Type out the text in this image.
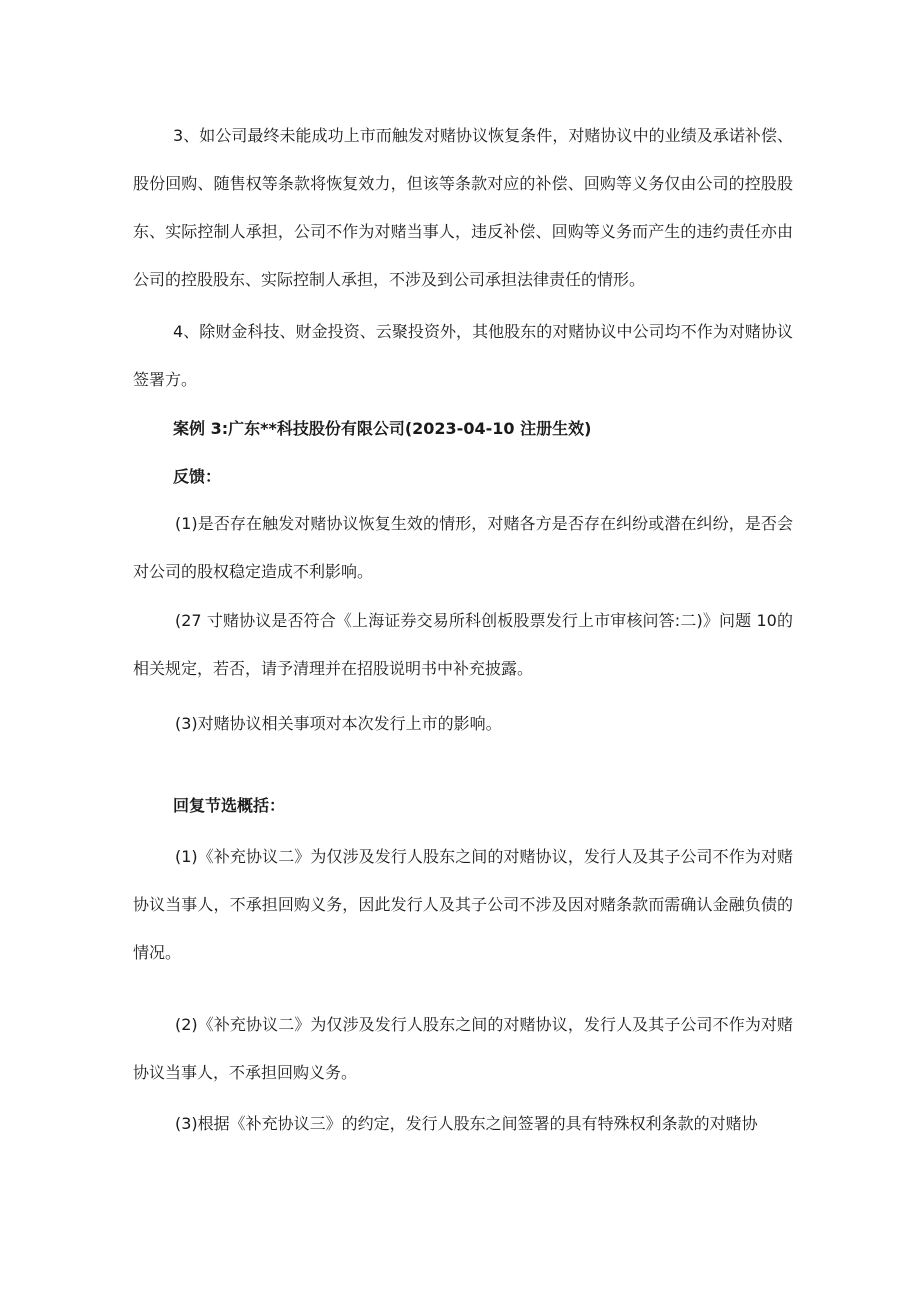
3、如公司最终未能成功上市而触发对赌协议恢复条件，对赌协议中的业绩及承诺补偿、股份回购、随售权等条款将恢复效力，但该等条款对应的补偿、回购等义务仅由公司的控股股东、实际控制人承担，公司不作为对赌当事人，违反补偿、回购等义务而产生的违约责任亦由公司的控股股东、实际控制人承担，不涉及到公司承担法律责任的情形。

4、除财金科技、财金投资、云聚投资外，其他股东的对赌协议中公司均不作为对赌协议签署方。

案例 3:广东**科技股份有限公司(2023-04-10 注册生效)

反馈：

(1)是否存在触发对赌协议恢复生效的情形，对赌各方是否存在纠纷或潜在纠纷，是否会对公司的股权稳定造成不利影响。

(27 寸赌协议是否符合《上海证券交易所科创板股票发行上市审核问答:二)》问题 10的相关规定，若否，请予清理并在招股说明书中补充披露。

(3)对赌协议相关事项对本次发行上市的影响。

回复节选概括：

(1)《补充协议二》为仅涉及发行人股东之间的对赌协议，发行人及其子公司不作为对赌协议当事人，不承担回购义务，因此发行人及其子公司不涉及因对赌条款而需确认金融负债的情况。

(2)《补充协议二》为仅涉及发行人股东之间的对赌协议，发行人及其子公司不作为对赌协议当事人，不承担回购义务。

(3)根据《补充协议三》的约定，发行人股东之间签署的具有特殊权利条款的对赌协
